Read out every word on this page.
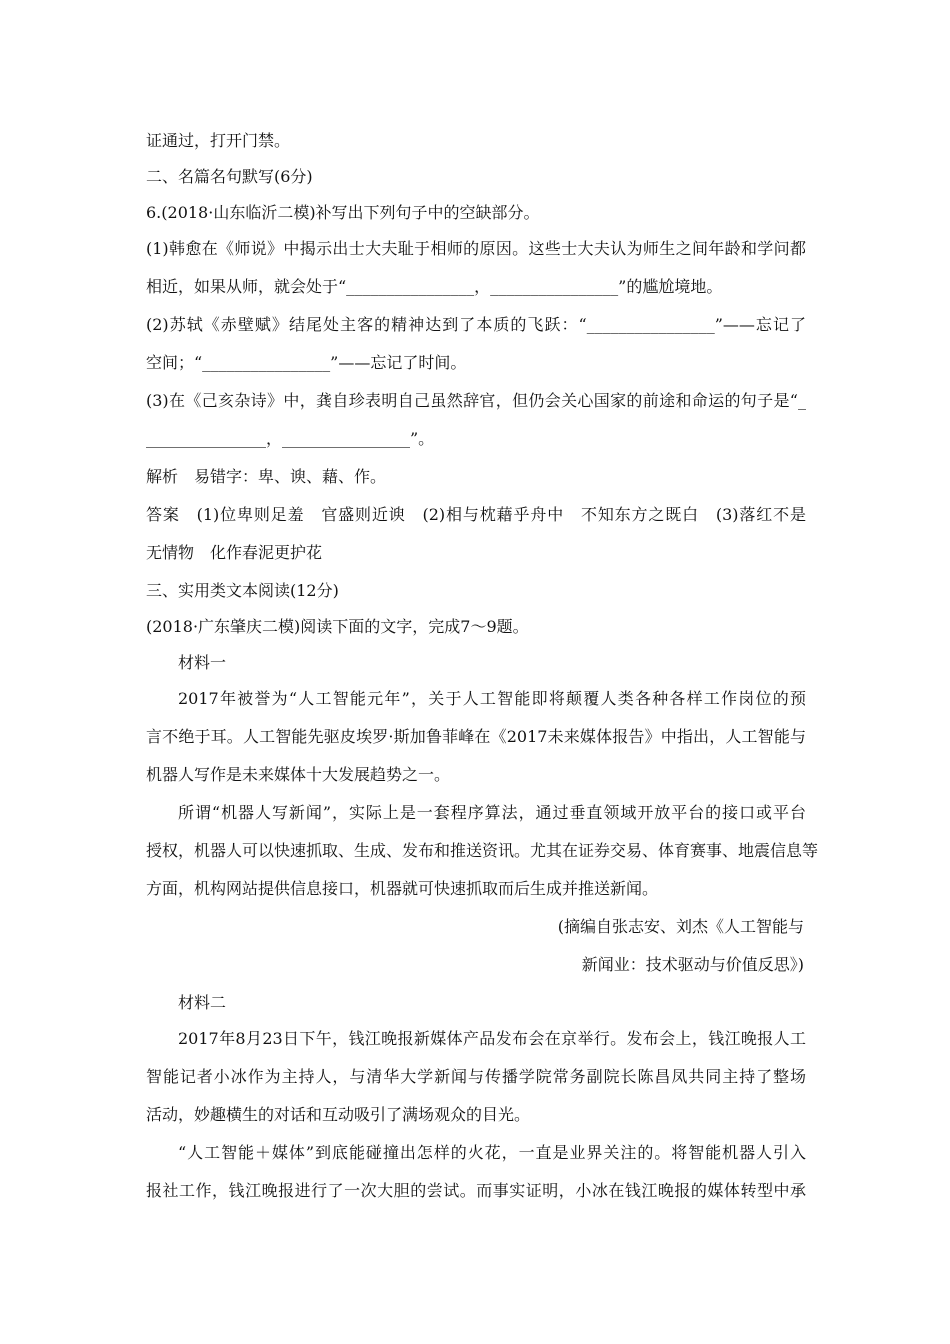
证通过，打开门禁。
二、名篇名句默写(6分)
6.(2018·山东临沂二模)补写出下列句子中的空缺部分。
(1)韩愈在《师说》中揭示出士大夫耻于相师的原因。这些士大夫认为师生之间年龄和学问都
相近，如果从师，就会处于“________________，________________”的尴尬境地。
(2)苏轼《赤壁赋》结尾处主客的精神达到了本质的飞跃：“________________”——忘记了
空间；“________________”——忘记了时间。
(3)在《己亥杂诗》中，龚自珍表明自己虽然辞官，但仍会关心国家的前途和命运的句子是“_
_______________，________________”。
解析　易错字：卑、谀、藉、作。
答案　(1)位卑则足羞　官盛则近谀　(2)相与枕藉乎舟中　不知东方之既白　(3)落红不是
无情物　化作春泥更护花
三、实用类文本阅读(12分)
(2018·广东肇庆二模)阅读下面的文字，完成7～9题。
材料一
2017年被誉为“人工智能元年”，关于人工智能即将颠覆人类各种各样工作岗位的预
言不绝于耳。人工智能先驱皮埃罗·斯加鲁菲峰在《2017未来媒体报告》中指出，人工智能与
机器人写作是未来媒体十大发展趋势之一。
所谓“机器人写新闻”，实际上是一套程序算法，通过垂直领域开放平台的接口或平台
授权，机器人可以快速抓取、生成、发布和推送资讯。尤其在证券交易、体育赛事、地震信息等
方面，机构网站提供信息接口，机器就可快速抓取而后生成并推送新闻。
(摘编自张志安、刘杰《人工智能与
新闻业：技术驱动与价值反思》)
材料二
2017年8月23日下午，钱江晚报新媒体产品发布会在京举行。发布会上，钱江晚报人工
智能记者小冰作为主持人，与清华大学新闻与传播学院常务副院长陈昌凤共同主持了整场
活动，妙趣横生的对话和互动吸引了满场观众的目光。
“人工智能＋媒体”到底能碰撞出怎样的火花，一直是业界关注的。将智能机器人引入
报社工作，钱江晚报进行了一次大胆的尝试。而事实证明，小冰在钱江晚报的媒体转型中承
